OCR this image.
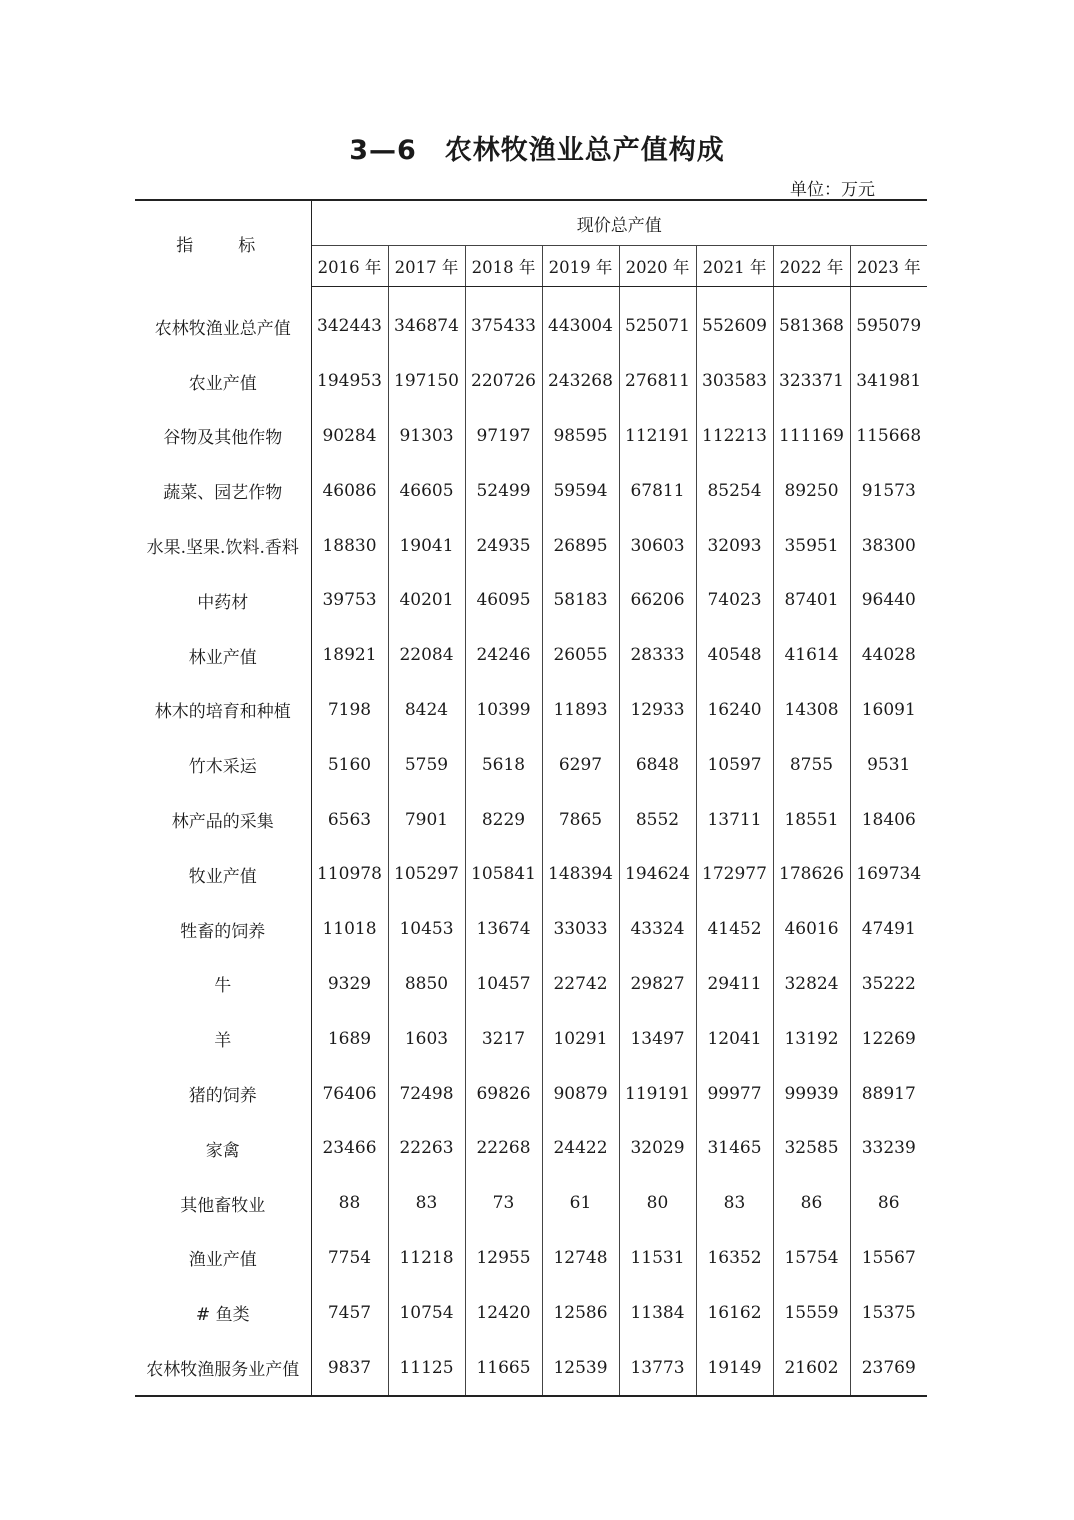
3—6　农林牧渔业总产值构成
单位：万元
指　标	现价总产值							
	2016 年	2017 年	2018 年	2019 年	2020 年	2021 年	2022 年	2023 年
农林牧渔业总产值	342443	346874	375433	443004	525071	552609	581368	595079
农业产值	194953	197150	220726	243268	276811	303583	323371	341981
谷物及其他作物	90284	91303	97197	98595	112191	112213	111169	115668
蔬菜、园艺作物	46086	46605	52499	59594	67811	85254	89250	91573
水果.坚果.饮料.香料	18830	19041	24935	26895	30603	32093	35951	38300
中药材	39753	40201	46095	58183	66206	74023	87401	96440
林业产值	18921	22084	24246	26055	28333	40548	41614	44028
林木的培育和种植	7198	8424	10399	11893	12933	16240	14308	16091
竹木采运	5160	5759	5618	6297	6848	10597	8755	9531
林产品的采集	6563	7901	8229	7865	8552	13711	18551	18406
牧业产值	110978	105297	105841	148394	194624	172977	178626	169734
牲畜的饲养	11018	10453	13674	33033	43324	41452	46016	47491
牛	9329	8850	10457	22742	29827	29411	32824	35222
羊	1689	1603	3217	10291	13497	12041	13192	12269
猪的饲养	76406	72498	69826	90879	119191	99977	99939	88917
家禽	23466	22263	22268	24422	32029	31465	32585	33239
其他畜牧业	88	83	73	61	80	83	86	86
渔业产值	7754	11218	12955	12748	11531	16352	15754	15567
# 鱼类	7457	10754	12420	12586	11384	16162	15559	15375
农林牧渔服务业产值	9837	11125	11665	12539	13773	19149	21602	23769
